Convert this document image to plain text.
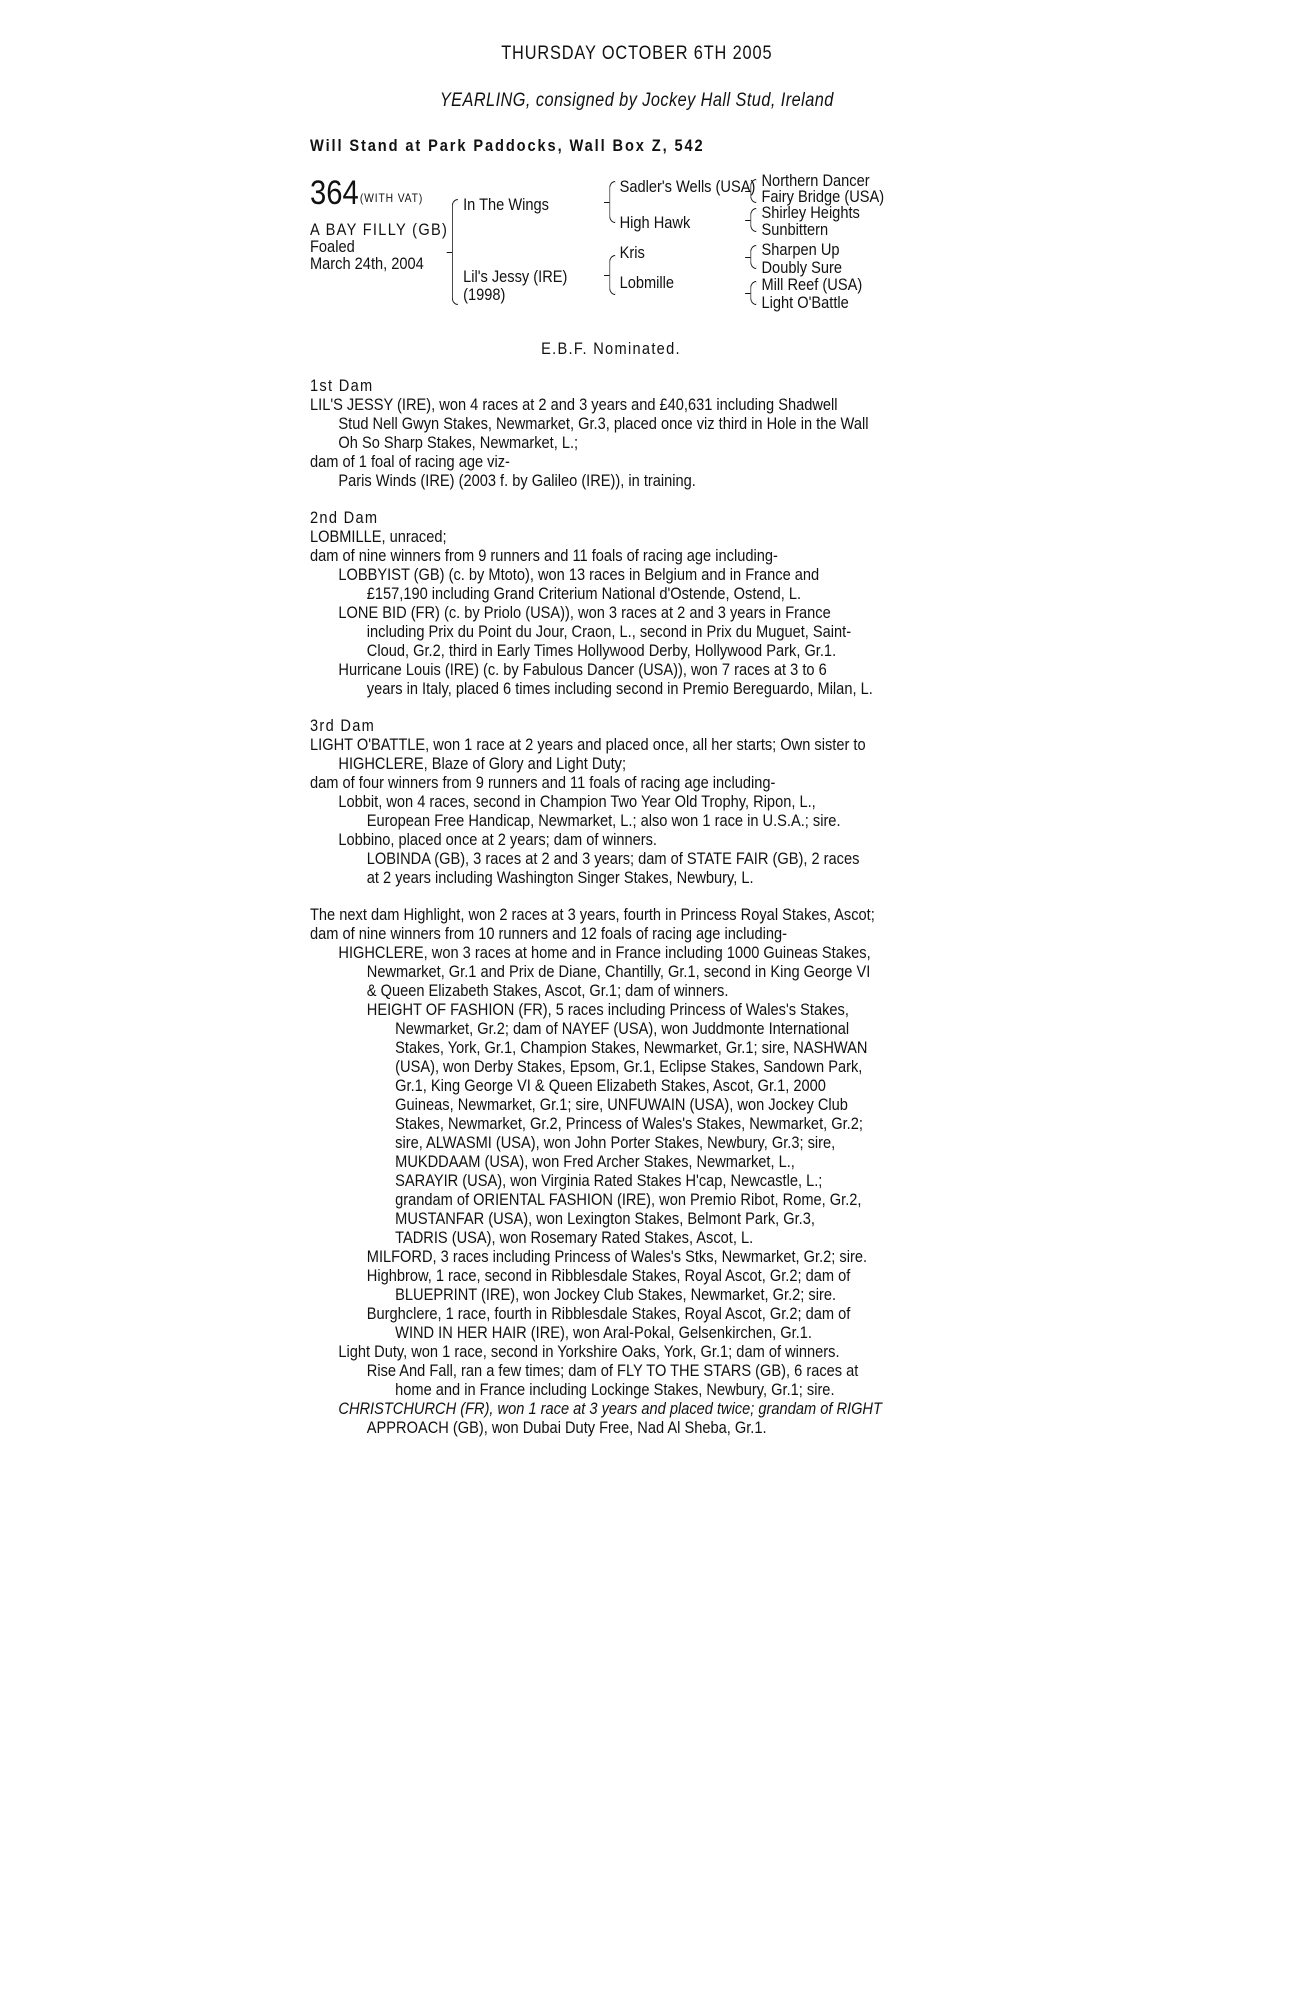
THURSDAY OCTOBER 6TH 2005
YEARLING, consigned by Jockey Hall Stud, Ireland
Will Stand at Park Paddocks, Wall Box Z, 542
364 (WITH VAT)
A BAY FILLY (GB)
Foaled
March 24th, 2004
In The Wings
Lil's Jessy (IRE)
(1998)
Sadler's Wells (USA)
High Hawk
Kris
Lobmille
Northern Dancer
Fairy Bridge (USA)
Shirley Heights
Sunbittern
Sharpen Up
Doubly Sure
Mill Reef (USA)
Light O'Battle
E.B.F. Nominated.
1st Dam
LIL'S JESSY (IRE), won 4 races at 2 and 3 years and £40,631 including Shadwell
Stud Nell Gwyn Stakes, Newmarket, Gr.3, placed once viz third in Hole in the Wall
Oh So Sharp Stakes, Newmarket, L.;
dam of 1 foal of racing age viz-
Paris Winds (IRE) (2003 f. by Galileo (IRE)), in training.
2nd Dam
LOBMILLE, unraced;
dam of nine winners from 9 runners and 11 foals of racing age including-
LOBBYIST (GB) (c. by Mtoto), won 13 races in Belgium and in France and
£157,190 including Grand Criterium National d'Ostende, Ostend, L.
LONE BID (FR) (c. by Priolo (USA)), won 3 races at 2 and 3 years in France
including Prix du Point du Jour, Craon, L., second in Prix du Muguet, Saint-
Cloud, Gr.2, third in Early Times Hollywood Derby, Hollywood Park, Gr.1.
Hurricane Louis (IRE) (c. by Fabulous Dancer (USA)), won 7 races at 3 to 6
years in Italy, placed 6 times including second in Premio Bereguardo, Milan, L.
3rd Dam
LIGHT O'BATTLE, won 1 race at 2 years and placed once, all her starts; Own sister to
HIGHCLERE, Blaze of Glory and Light Duty;
dam of four winners from 9 runners and 11 foals of racing age including-
Lobbit, won 4 races, second in Champion Two Year Old Trophy, Ripon, L.,
European Free Handicap, Newmarket, L.; also won 1 race in U.S.A.; sire.
Lobbino, placed once at 2 years; dam of winners.
LOBINDA (GB), 3 races at 2 and 3 years; dam of STATE FAIR (GB), 2 races
at 2 years including Washington Singer Stakes, Newbury, L.
The next dam Highlight, won 2 races at 3 years, fourth in Princess Royal Stakes, Ascot;
dam of nine winners from 10 runners and 12 foals of racing age including-
HIGHCLERE, won 3 races at home and in France including 1000 Guineas Stakes,
Newmarket, Gr.1 and Prix de Diane, Chantilly, Gr.1, second in King George VI
& Queen Elizabeth Stakes, Ascot, Gr.1; dam of winners.
HEIGHT OF FASHION (FR), 5 races including Princess of Wales's Stakes,
Newmarket, Gr.2; dam of NAYEF (USA), won Juddmonte International
Stakes, York, Gr.1, Champion Stakes, Newmarket, Gr.1; sire, NASHWAN
(USA), won Derby Stakes, Epsom, Gr.1, Eclipse Stakes, Sandown Park,
Gr.1, King George VI & Queen Elizabeth Stakes, Ascot, Gr.1, 2000
Guineas, Newmarket, Gr.1; sire, UNFUWAIN (USA), won Jockey Club
Stakes, Newmarket, Gr.2, Princess of Wales's Stakes, Newmarket, Gr.2;
sire, ALWASMI (USA), won John Porter Stakes, Newbury, Gr.3; sire,
MUKDDAAM (USA), won Fred Archer Stakes, Newmarket, L.,
SARAYIR (USA), won Virginia Rated Stakes H'cap, Newcastle, L.;
grandam of ORIENTAL FASHION (IRE), won Premio Ribot, Rome, Gr.2,
MUSTANFAR (USA), won Lexington Stakes, Belmont Park, Gr.3,
TADRIS (USA), won Rosemary Rated Stakes, Ascot, L.
MILFORD, 3 races including Princess of Wales's Stks, Newmarket, Gr.2; sire.
Highbrow, 1 race, second in Ribblesdale Stakes, Royal Ascot, Gr.2; dam of
BLUEPRINT (IRE), won Jockey Club Stakes, Newmarket, Gr.2; sire.
Burghclere, 1 race, fourth in Ribblesdale Stakes, Royal Ascot, Gr.2; dam of
WIND IN HER HAIR (IRE), won Aral-Pokal, Gelsenkirchen, Gr.1.
Light Duty, won 1 race, second in Yorkshire Oaks, York, Gr.1; dam of winners.
Rise And Fall, ran a few times; dam of FLY TO THE STARS (GB), 6 races at
home and in France including Lockinge Stakes, Newbury, Gr.1; sire.
CHRISTCHURCH (FR), won 1 race at 3 years and placed twice; grandam of RIGHT
APPROACH (GB), won Dubai Duty Free, Nad Al Sheba, Gr.1.
